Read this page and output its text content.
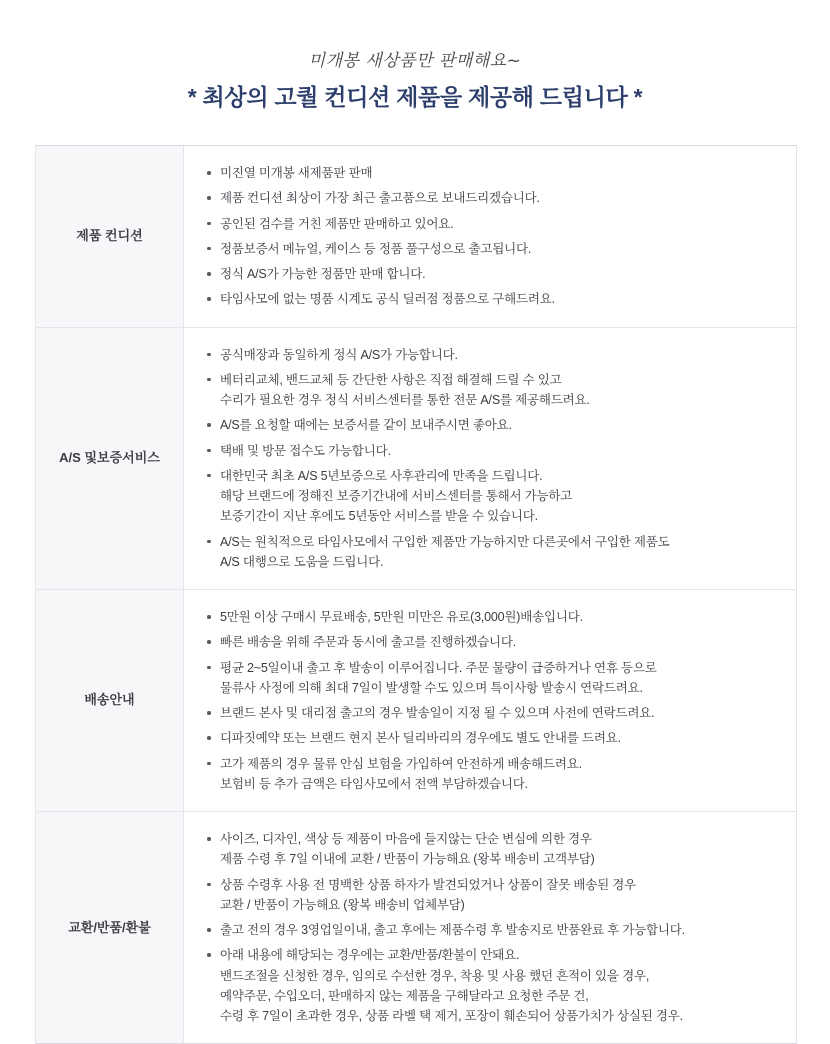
미개봉 새상품만 판매해요~
* 최상의 고퀄 컨디션 제품을 제공해 드립니다 *
제품 컨디션
미진열 미개봉 새제품판 판매
제품 컨디션 최상이 가장 최근 출고품으로 보내드리겠습니다.
공인된 검수를 거친 제품만 판매하고 있어요.
정품보증서 메뉴얼, 케이스 등 정품 풀구성으로 출고됩니다.
정식 A/S가 가능한 정품만 판매 합니다.
타임사모에 없는 명품 시계도 공식 딜러점 정품으로 구해드려요.
A/S 및 보증서비스
공식매장과 동일하게 정식 A/S가 가능합니다.
베터리교체, 밴드교체 등 간단한 사항은 직접 해결해 드릴 수 있고
수리가 필요한 경우 정식 서비스센터를 통한 전문 A/S를 제공해드려요.
A/S를 요청할 때에는 보증서를 같이 보내주시면 좋아요.
택배 및 방문 접수도 가능합니다.
대한민국 최초 A/S 5년보증으로 사후관리에 만족을 드립니다.
해당 브랜드에 정해진 보증기간내에 서비스센터를 통해서 가능하고
보증기간이 지난 후에도 5년동안 서비스를 받을 수 있습니다.
A/S는 원칙적으로 타임사모에서 구입한 제품만 가능하지만 다른곳에서 구입한 제품도
A/S 대행으로 도움을 드립니다.
배송안내
5만원 이상 구매시 무료배송, 5만원 미만은 유로(3,000원)배송입니다.
빠른 배송을 위해 주문과 동시에 출고를 진행하겠습니다.
평균 2~5일이내 출고 후 발송이 이루어집니다. 주문 물량이 급증하거나 연휴 등으로
물류사 사정에 의해 최대 7일이 발생할 수도 있으며 특이사항 발송시 연락드려요.
브랜드 본사 및 대리점 출고의 경우 발송일이 지정 될 수 있으며 사전에 연락드려요.
디파짓예약 또는 브랜드 현지 본사 딜리바리의 경우에도 별도 안내를 드려요.
고가 제품의 경우 물류 안심 보험을 가입하여 안전하게 배송해드려요.
보험비 등 추가 금액은 타임사모에서 전액 부담하겠습니다.
교환/반품/환불
사이즈, 디자인, 색상 등 제품이 마음에 들지않는 단순 변심에 의한 경우
제품 수령 후 7일 이내에 교환 / 반품이 가능해요 (왕복 배송비 고객부담)
상품 수령후 사용 전 명백한 상품 하자가 발견되었거나 상품이 잘못 배송된 경우
교환 / 반품이 가능해요 (왕복 배송비 업체부담)
출고 전의 경우 3영업일이내, 출고 후에는 제품수령 후 발송지로 반품완료 후 가능합니다.
아래 내용에 해당되는 경우에는 교환/반품/환불이 안돼요.
밴드조절을 신청한 경우, 임의로 수선한 경우, 착용 및 사용 했던 흔적이 있을 경우,
예약주문, 수입오더, 판매하지 않는 제품을 구해달라고 요청한 주문 건,
수령 후 7일이 초과한 경우, 상품 라벨 택 제거, 포장이 훼손되어 상품가치가 상실된 경우.
